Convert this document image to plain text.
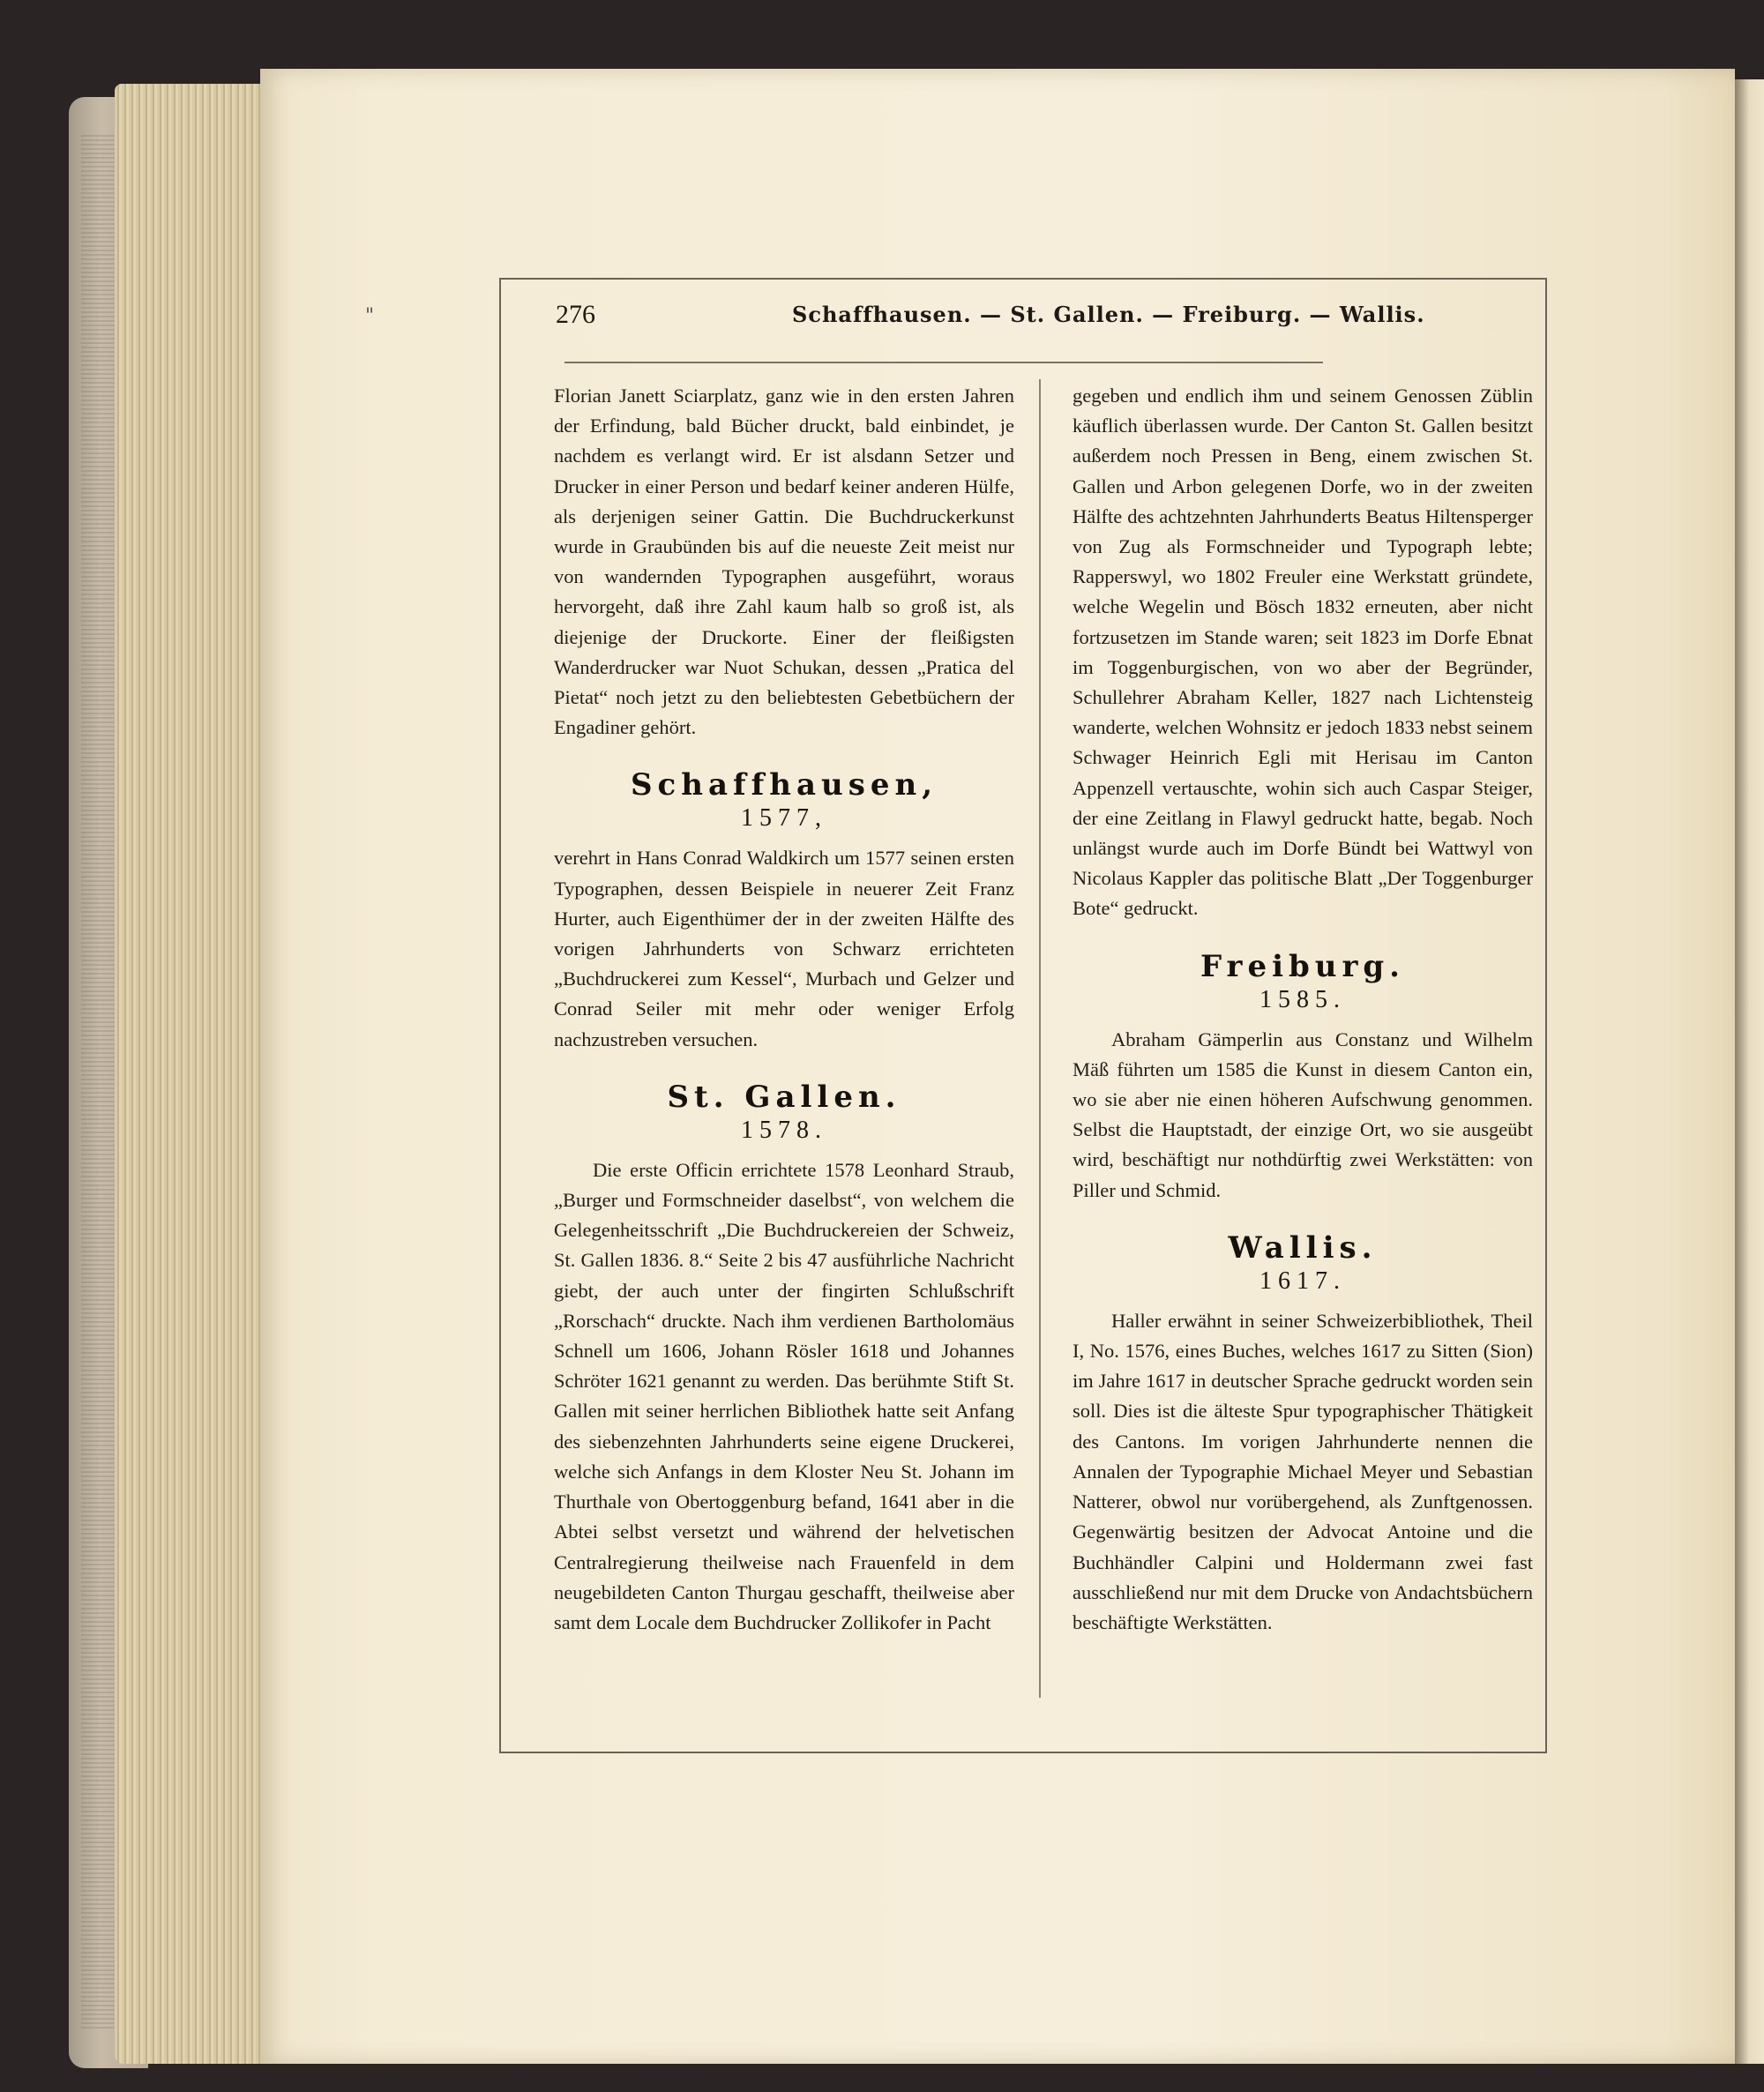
"	276	Schaffhausen. — St. Gallen. — Freiburg. — Wallis.

Florian Janett Sciarplatz, ganz wie in den ersten Jahren der Erfindung, bald Bücher druckt, bald einbindet, je nachdem es verlangt wird. Er ist alsdann Setzer und Drucker in einer Person und bedarf keiner anderen Hülfe, als derjenigen seiner Gattin. Die Buchdruckerkunst wurde in Graubünden bis auf die neueste Zeit meist nur von wandernden Typographen ausgeführt, woraus hervorgeht, daß ihre Zahl kaum halb so groß ist, als diejenige der Druckorte. Einer der fleißigsten Wanderdrucker war Nuot Schukan, dessen „Pratica del Pietat“ noch jetzt zu den beliebtesten Gebetbüchern der Engadiner gehört.

Schaffhausen,

1577,

verehrt in Hans Conrad Waldkirch um 1577 seinen ersten Typographen, dessen Beispiele in neuerer Zeit Franz Hurter, auch Eigenthümer der in der zweiten Hälfte des vorigen Jahrhunderts von Schwarz errichteten „Buchdruckerei zum Kessel“, Murbach und Gelzer und Conrad Seiler mit mehr oder weniger Erfolg nachzustreben versuchen.

St. Gallen.

1578.

Die erste Officin errichtete 1578 Leonhard Straub, „Burger und Formschneider daselbst“, von welchem die Gelegenheitsschrift „Die Buchdruckereien der Schweiz, St. Gallen 1836. 8.“ Seite 2 bis 47 ausführliche Nachricht giebt, der auch unter der fingirten Schlußschrift „Rorschach“ druckte. Nach ihm verdienen Bartholomäus Schnell um 1606, Johann Rösler 1618 und Johannes Schröter 1621 genannt zu werden. Das berühmte Stift St. Gallen mit seiner herrlichen Bibliothek hatte seit Anfang des siebenzehnten Jahrhunderts seine eigene Druckerei, welche sich Anfangs in dem Kloster Neu St. Johann im Thurthale von Obertoggenburg befand, 1641 aber in die Abtei selbst versetzt und während der helvetischen Centralregierung theilweise nach Frauenfeld in dem neugebildeten Canton Thurgau geschafft, theilweise aber samt dem Locale dem Buchdrucker Zollikofer in Pacht

gegeben und endlich ihm und seinem Genossen Züblin käuflich überlassen wurde. Der Canton St. Gallen besitzt außerdem noch Pressen in Beng, einem zwischen St. Gallen und Arbon gelegenen Dorfe, wo in der zweiten Hälfte des achtzehnten Jahrhunderts Beatus Hiltensperger von Zug als Formschneider und Typograph lebte; Rapperswyl, wo 1802 Freuler eine Werkstatt gründete, welche Wegelin und Bösch 1832 erneuten, aber nicht fortzusetzen im Stande waren; seit 1823 im Dorfe Ebnat im Toggenburgischen, von wo aber der Begründer, Schullehrer Abraham Keller, 1827 nach Lichtensteig wanderte, welchen Wohnsitz er jedoch 1833 nebst seinem Schwager Heinrich Egli mit Herisau im Canton Appenzell vertauschte, wohin sich auch Caspar Steiger, der eine Zeitlang in Flawyl gedruckt hatte, begab. Noch unlängst wurde auch im Dorfe Bündt bei Wattwyl von Nicolaus Kappler das politische Blatt „Der Toggenburger Bote“ gedruckt.

Freiburg.

1585.

Abraham Gämperlin aus Constanz und Wilhelm Mäß führten um 1585 die Kunst in diesem Canton ein, wo sie aber nie einen höheren Aufschwung genommen. Selbst die Hauptstadt, der einzige Ort, wo sie ausgeübt wird, beschäftigt nur nothdürftig zwei Werkstätten: von Piller und Schmid.

Wallis.

1617.

Haller erwähnt in seiner Schweizerbibliothek, Theil I, No. 1576, eines Buches, welches 1617 zu Sitten (Sion) im Jahre 1617 in deutscher Sprache gedruckt worden sein soll. Dies ist die älteste Spur typographischer Thätigkeit des Cantons. Im vorigen Jahrhunderte nennen die Annalen der Typographie Michael Meyer und Sebastian Natterer, obwol nur vorübergehend, als Zunftgenossen. Gegenwärtig besitzen der Advocat Antoine und die Buchhändler Calpini und Holdermann zwei fast ausschließend nur mit dem Drucke von Andachtsbüchern beschäftigte Werkstätten.
